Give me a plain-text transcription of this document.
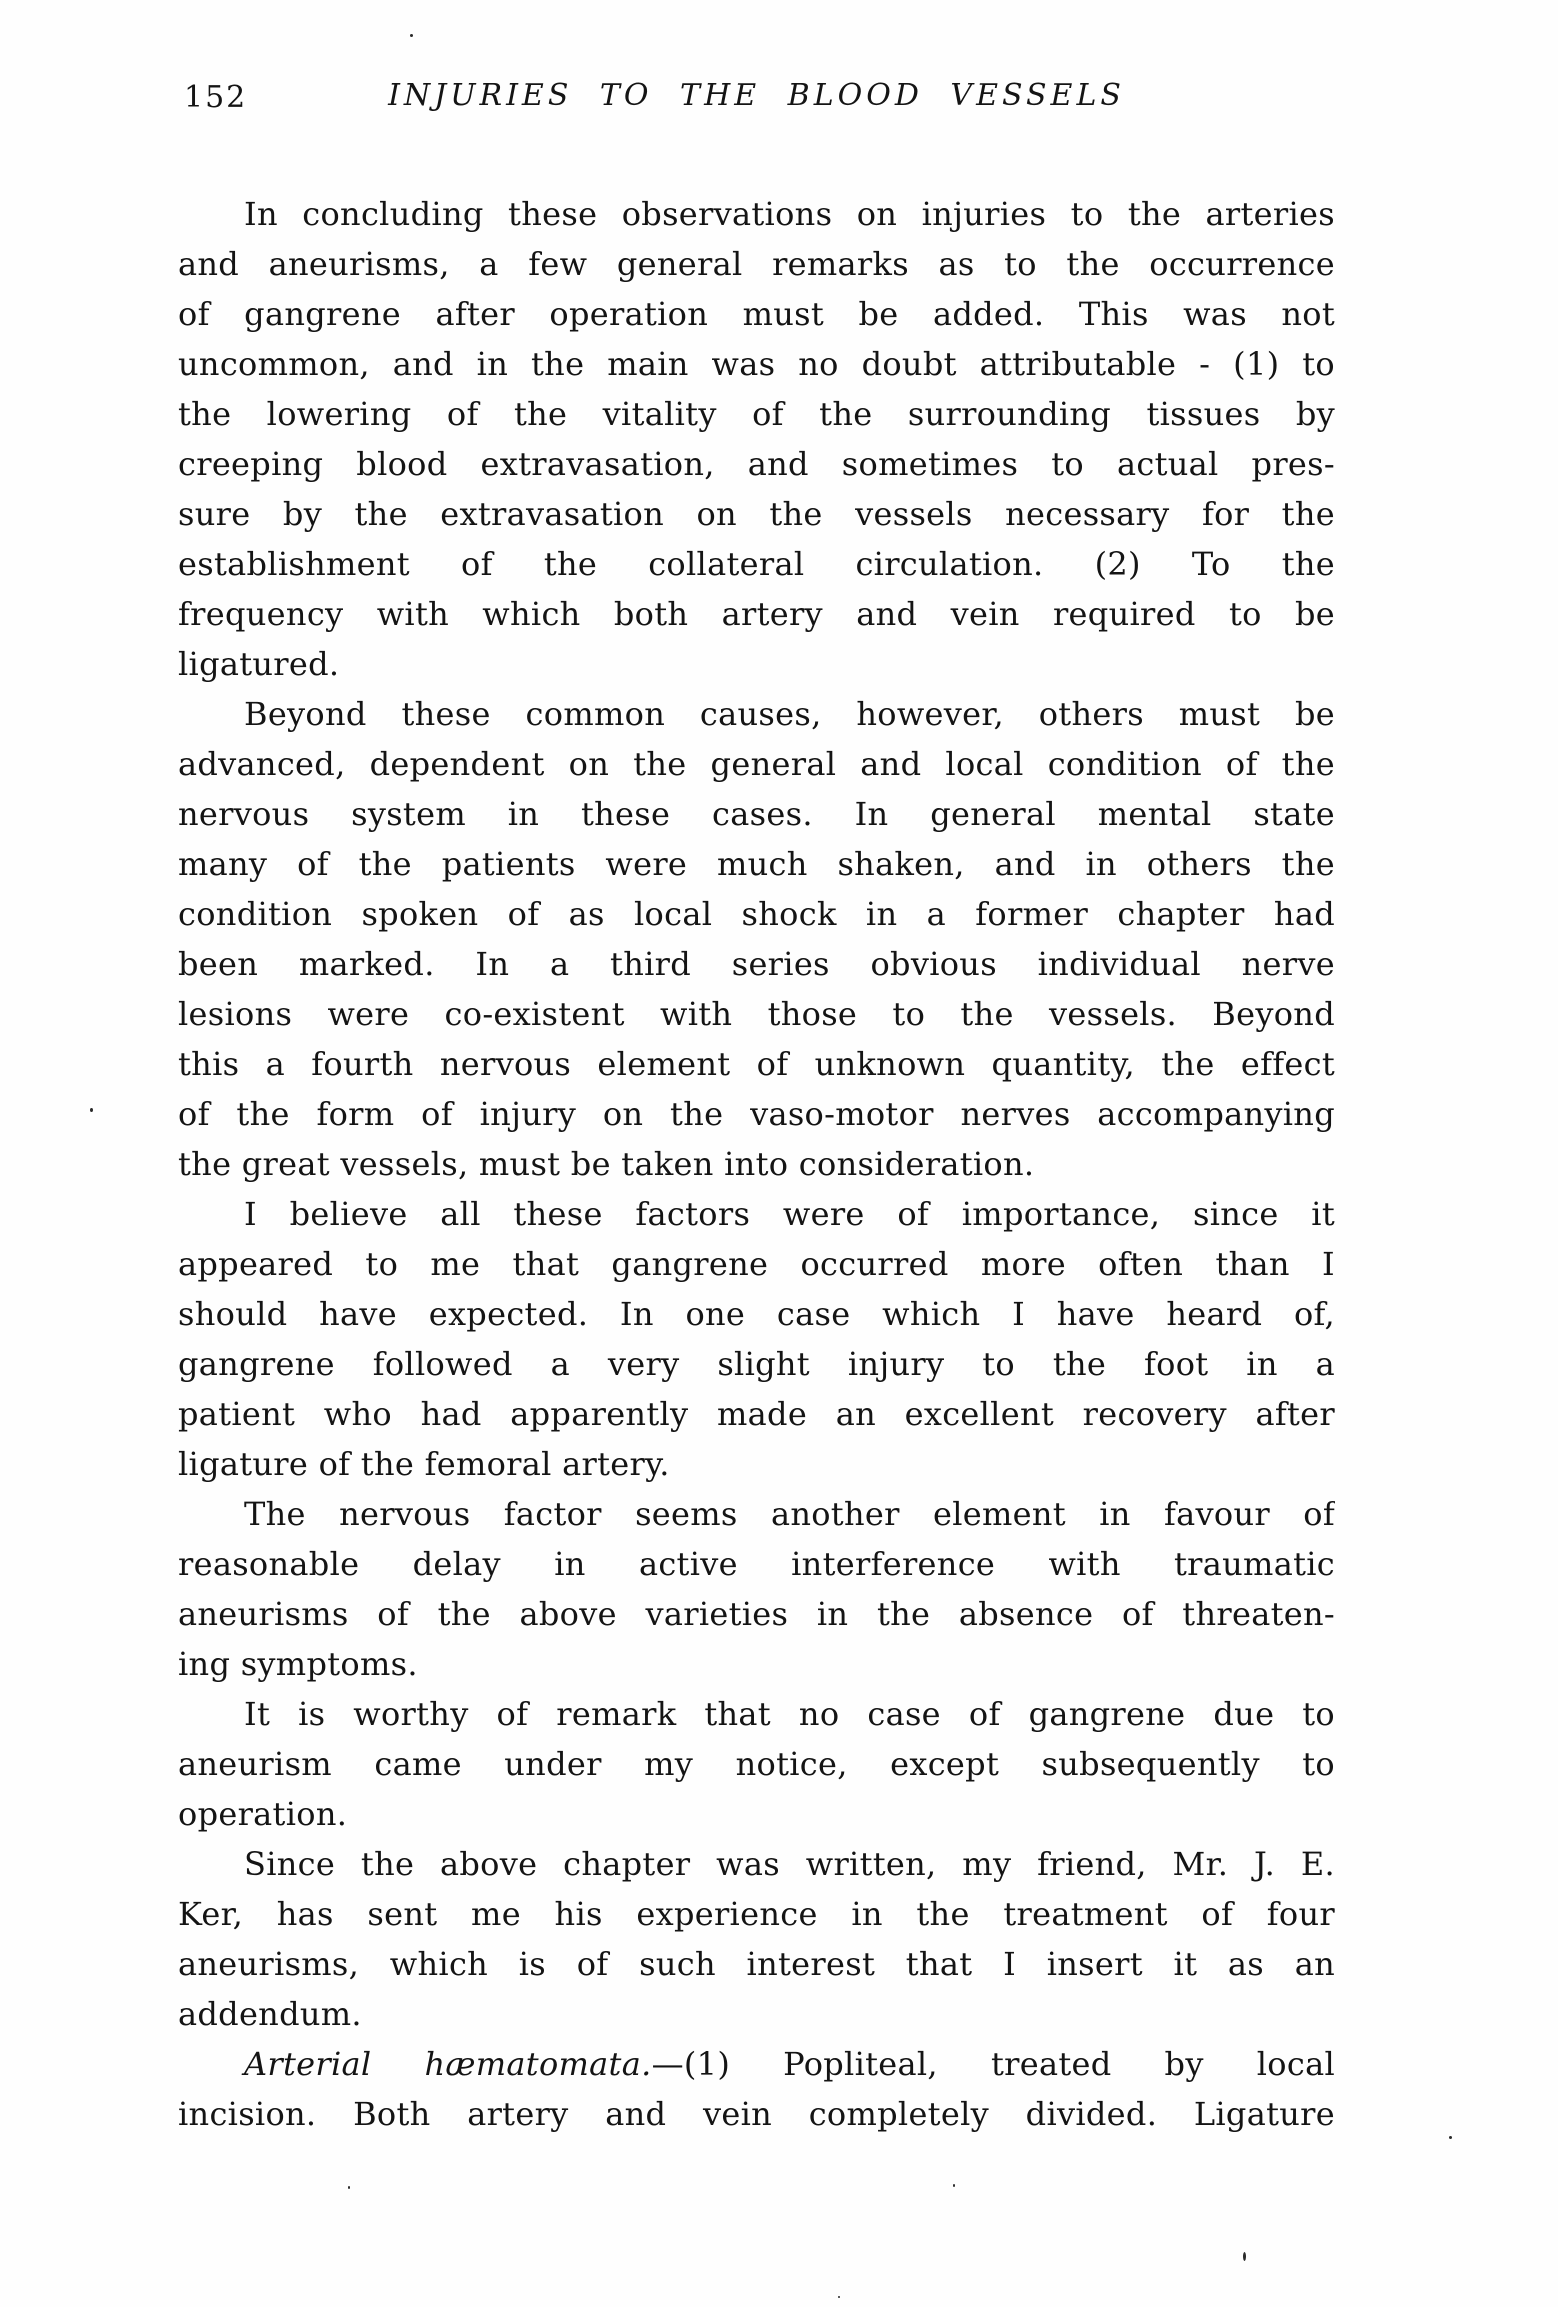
152	INJURIES TO THE BLOOD VESSELS
In concluding these observations on injuries to the arteries
and aneurisms, a few general remarks as to the occurrence
of gangrene after operation must be added. This was not
uncommon, and in the main was no doubt attributable - (1) to
the lowering of the vitality of the surrounding tissues by
creeping blood extravasation, and sometimes to actual pres-
sure by the extravasation on the vessels necessary for the
establishment of the collateral circulation. (2) To the
frequency with which both artery and vein required to be
ligatured.
Beyond these common causes, however, others must be
advanced, dependent on the general and local condition of the
nervous system in these cases. In general mental state
many of the patients were much shaken, and in others the
condition spoken of as local shock in a former chapter had
been marked. In a third series obvious individual nerve
lesions were co-existent with those to the vessels. Beyond
this a fourth nervous element of unknown quantity, the effect
of the form of injury on the vaso-motor nerves accompanying
the great vessels, must be taken into consideration.
I believe all these factors were of importance, since it
appeared to me that gangrene occurred more often than I
should have expected. In one case which I have heard of,
gangrene followed a very slight injury to the foot in a
patient who had apparently made an excellent recovery after
ligature of the femoral artery.
The nervous factor seems another element in favour of
reasonable delay in active interference with traumatic
aneurisms of the above varieties in the absence of threaten-
ing symptoms.
It is worthy of remark that no case of gangrene due to
aneurism came under my notice, except subsequently to
operation.
Since the above chapter was written, my friend, Mr. J. E.
Ker, has sent me his experience in the treatment of four
aneurisms, which is of such interest that I insert it as an
addendum.
Arterial hæmatomata.—(1) Popliteal, treated by local
incision. Both artery and vein completely divided. Ligature
